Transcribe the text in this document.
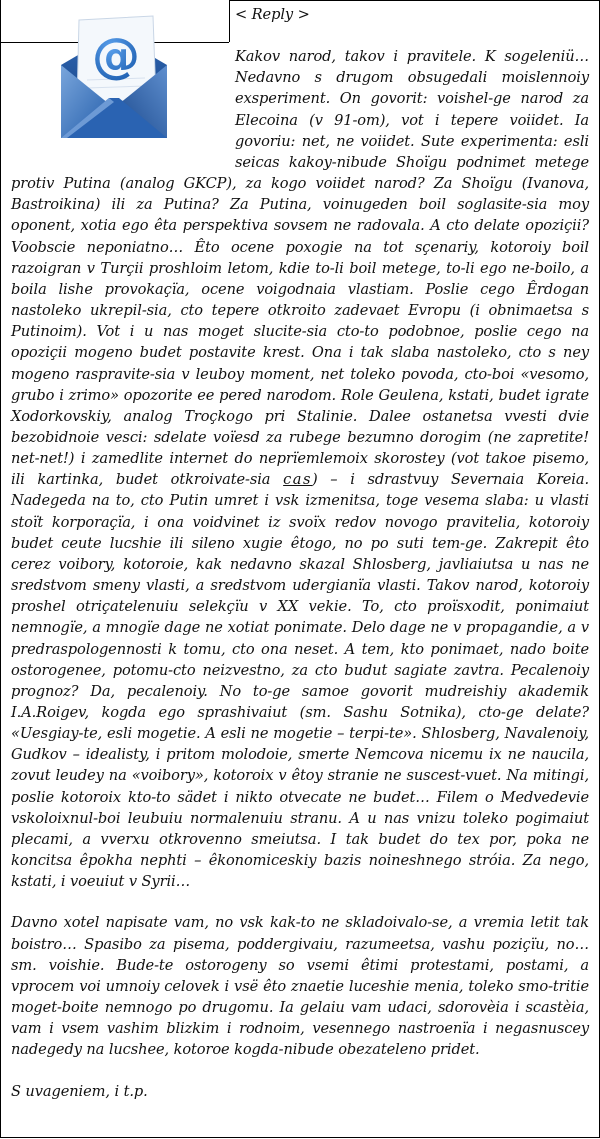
@

< Reply >

Kakov narod, takov i pravitele. K sogeleniü… Nedavno s drugom obsugedali moislennoiy exsperiment. On govorit: voishel-ge narod za Elecoina (v 91-om), vot i tepere voiidet. Ia govoriu: net, ne voiidet. Sute experimenta: esli seicas kakoy-nibude Shoïgu podnimet metege protiv Putina (analog GKCP), za kogo voiidet narod? Za Shoïgu (Ivanova, Bastroikina) ili za Putina? Za Putina, voinugeden boil soglasite-sia moy oponent, xotia ego êta perspektiva sovsem ne radovala. A cto delate opoziçii? Voobscie neponiatno… Êto ocene poxogie na tot sçenariy, kotoroiy boil razoigran v Turçii proshloim letom, kdie to-li boil metege, to-li ego ne-boilo, a boila lishe provokaçïa, ocene voigodnaia vlastiam. Poslie cego Êrdogan nastoleko ukrepil-sia, cto tepere otkroito zadevaet Evropu (i obnimaetsa s Putinoim). Vot i u nas moget slucite-sia cto-to podobnoe, poslie cego na opoziçii mogeno budet postavite krest. Ona i tak slaba nastoleko, cto s ney mogeno raspravite-sia v leuboy moment, net toleko povoda, cto-boi «vesomo, grubo i zrimo» opozorite ee pered narodom. Role Geulena, kstati, budet igrate Xodorkovskiy, analog Troçkogo pri Stalinie. Dalee ostanetsa vvesti dvie bezobidnoie vesci: sdelate voïesd za rubege bezumno dorogim (ne zapretite! net-net!) i zamedlite internet do neprïemlemoix skorostey (vot takoe pisemo, ili kartinka, budet otkroivate-sia cas) – i sdrastvuy Severnaia Koreia. Nadegeda na to, cto Putin umret i vsk izmenitsa, toge vesema slaba: u vlasti stoït korporaçïa, i ona voidvinet iz svoïx redov novogo pravitelia, kotoroiy budet ceute lucshie ili sileno xugie êtogo, no po suti tem-ge. Zakrepit êto cerez voibory, kotoroie, kak nedavno skazal Shlosberg, javliaiutsa u nas ne sredstvom smeny vlasti, a sredstvom udergianïa vlasti. Takov narod, kotoroiy proshel otriçatelenuiu selekçïu v XX vekie. To, cto proïsxodit, ponimaiut nemnogïe, a mnogïe dage ne xotiat ponimate. Delo dage ne v propagandie, a v predraspologennosti k tomu, cto ona neset. A tem, kto ponimaet, nado boite ostorogenee, potomu-cto neizvestno, za cto budut sagiate zavtra. Pecalenoiy prognoz? Da, pecalenoiy. No to-ge samoe govorit mudreishiy akademik I.A.Roigev, kogda ego sprashivaiut (sm. Sashu Sotnika), cto-ge delate? «Uesgiay-te, esli mogetie. A esli ne mogetie – terpi-te». Shlosberg, Navalenoiy, Gudkov – idealisty, i pritom molodoie, smerte Nemcova nicemu ix ne naucila, zovut leudey na «voibory», kotoroix v êtoy stranie ne suscest-vuet. Na mitingi, poslie kotoroix kto-to sädet i nikto otvecate ne budet… Filem o Medvedevie vskoloixnul-boi leubuiu normalenuiu stranu. A u nas vnizu toleko pogimaiut plecami, a vverxu otkrovenno smeiutsa. I tak budet do tex por, poka ne koncitsa êpokha nephti – êkonomiceskiy bazis noineshnego stróia. Za nego, kstati, i voeuiut v Syrii…

Davno xotel napisate vam, no vsk kak-to ne skladoivalo-se, a vremia letit tak boistro… Spasibo za pisema, poddergivaiu, razumeetsa, vashu poziçïu, no… sm. voishie. Bude-te ostorogeny so vsemi êtimi protestami, postami, a vprocem voi umnoiy celovek i vsë êto znaetie luceshie menia, toleko smo-tritie moget-boite nemnogo po drugomu. Ia gelaiu vam udaci, sdorovèia i scastèia, vam i vsem vashim blizkim i rodnoim, vesennego nastroenïa i negasnuscey nadegedy na lucshee, kotoroe kogda-nibude obezateleno pridet.

S uvageniem, i t.p.
